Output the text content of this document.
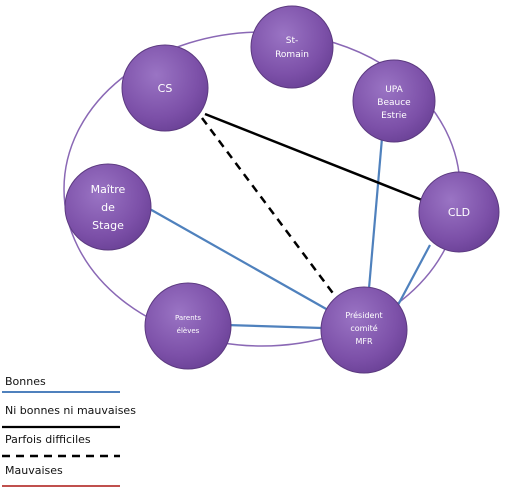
St-
Romain
CS	UPA
Beauce
Estrie
Maître
de
Stage
CLD
Parents
élèves
Président
comité
MFR
Bonnes
Ni bonnes ni mauvaises
Parfois difficiles
Mauvaises
